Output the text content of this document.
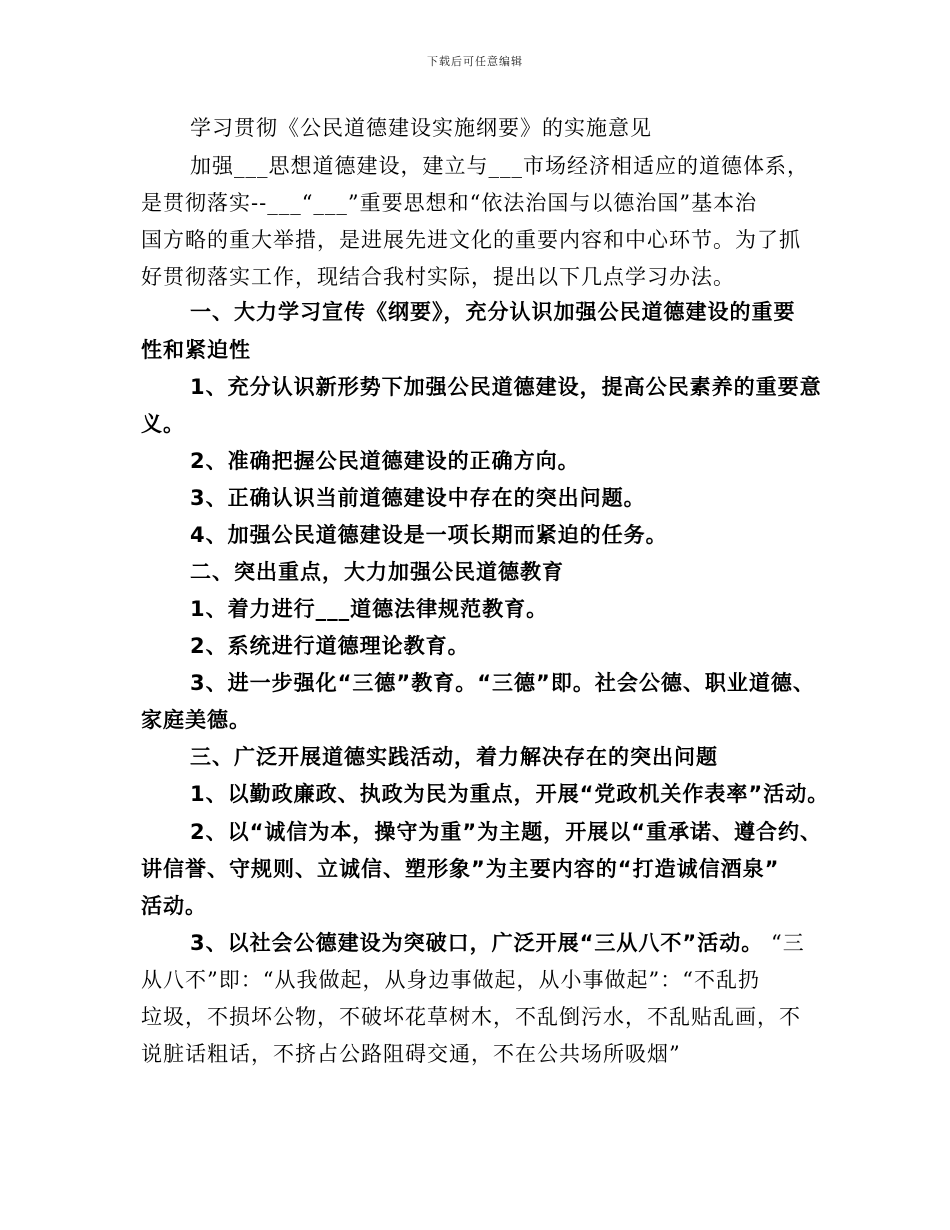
下载后可任意编辑
学习贯彻《公民道德建设实施纲要》的实施意见
加强___思想道德建设，建立与___市场经济相适应的道德体系，
是贯彻落实--___“___”重要思想和“依法治国与以德治国”基本治
国方略的重大举措，是进展先进文化的重要内容和中心环节。为了抓
好贯彻落实工作，现结合我村实际，提出以下几点学习办法。
一、大力学习宣传《纲要》，充分认识加强公民道德建设的重要
性和紧迫性
1、充分认识新形势下加强公民道德建设，提高公民素养的重要意
义。
2、准确把握公民道德建设的正确方向。
3、正确认识当前道德建设中存在的突出问题。
4、加强公民道德建设是一项长期而紧迫的任务。
二、突出重点，大力加强公民道德教育
1、着力进行___道德法律规范教育。
2、系统进行道德理论教育。
3、进一步强化“三德”教育。“三德”即。社会公德、职业道德、
家庭美德。
三、广泛开展道德实践活动，着力解决存在的突出问题
1、以勤政廉政、执政为民为重点，开展“党政机关作表率”活动。
2、以“诚信为本，操守为重”为主题，开展以“重承诺、遵合约、
讲信誉、守规则、立诚信、塑形象”为主要内容的“打造诚信酒泉”
活动。
3、以社会公德建设为突破口，广泛开展“三从八不”活动。 “三
从八不”即：“从我做起，从身边事做起，从小事做起”：“不乱扔
垃圾，不损坏公物，不破坏花草树木，不乱倒污水，不乱贴乱画，不
说脏话粗话，不挤占公路阻碍交通，不在公共场所吸烟”
